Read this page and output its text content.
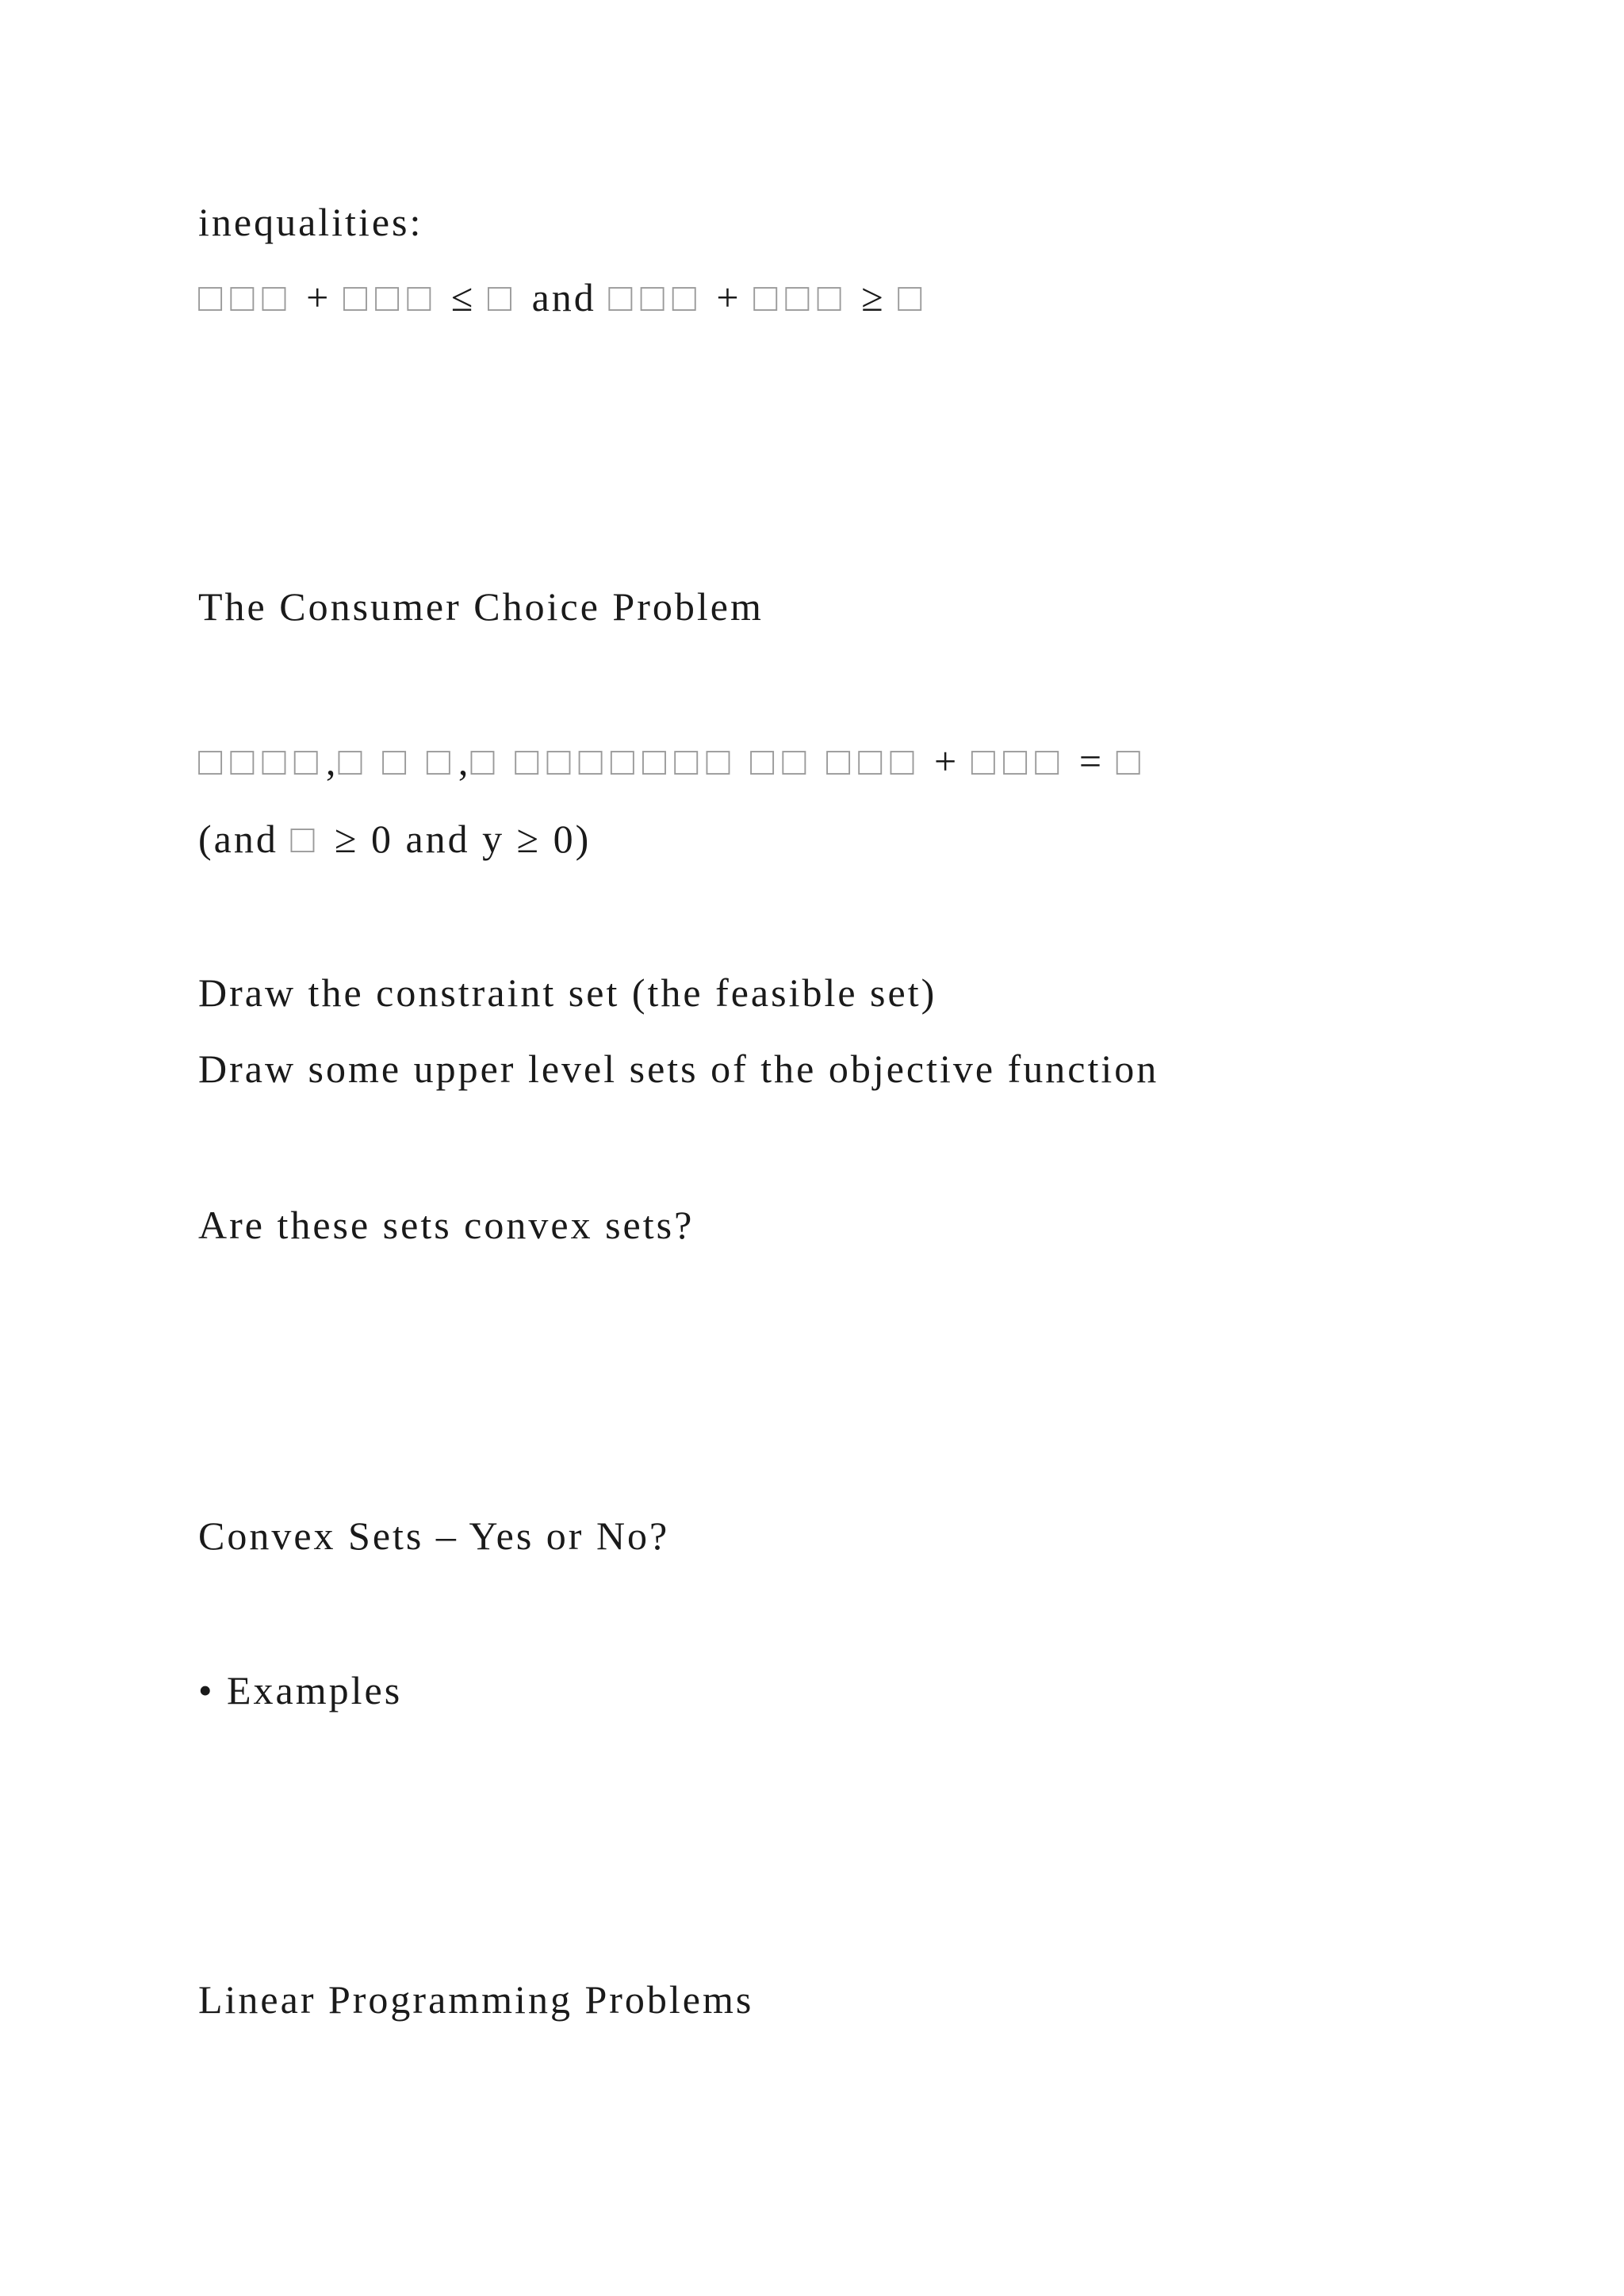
inequalities:
□□□ + □□□ ≤ □ and □□□ + □□□ ≥ □
The Consumer Choice Problem
□□□□,□ □ □,□ □□□□□□□ □□ □□□ + □□□ = □
(and □ ≥ 0 and y ≥ 0)
Draw the constraint set (the feasible set)
Draw some upper level sets of the objective function
Are these sets convex sets?
Convex Sets – Yes or No?
• Examples
Linear Programming Problems
